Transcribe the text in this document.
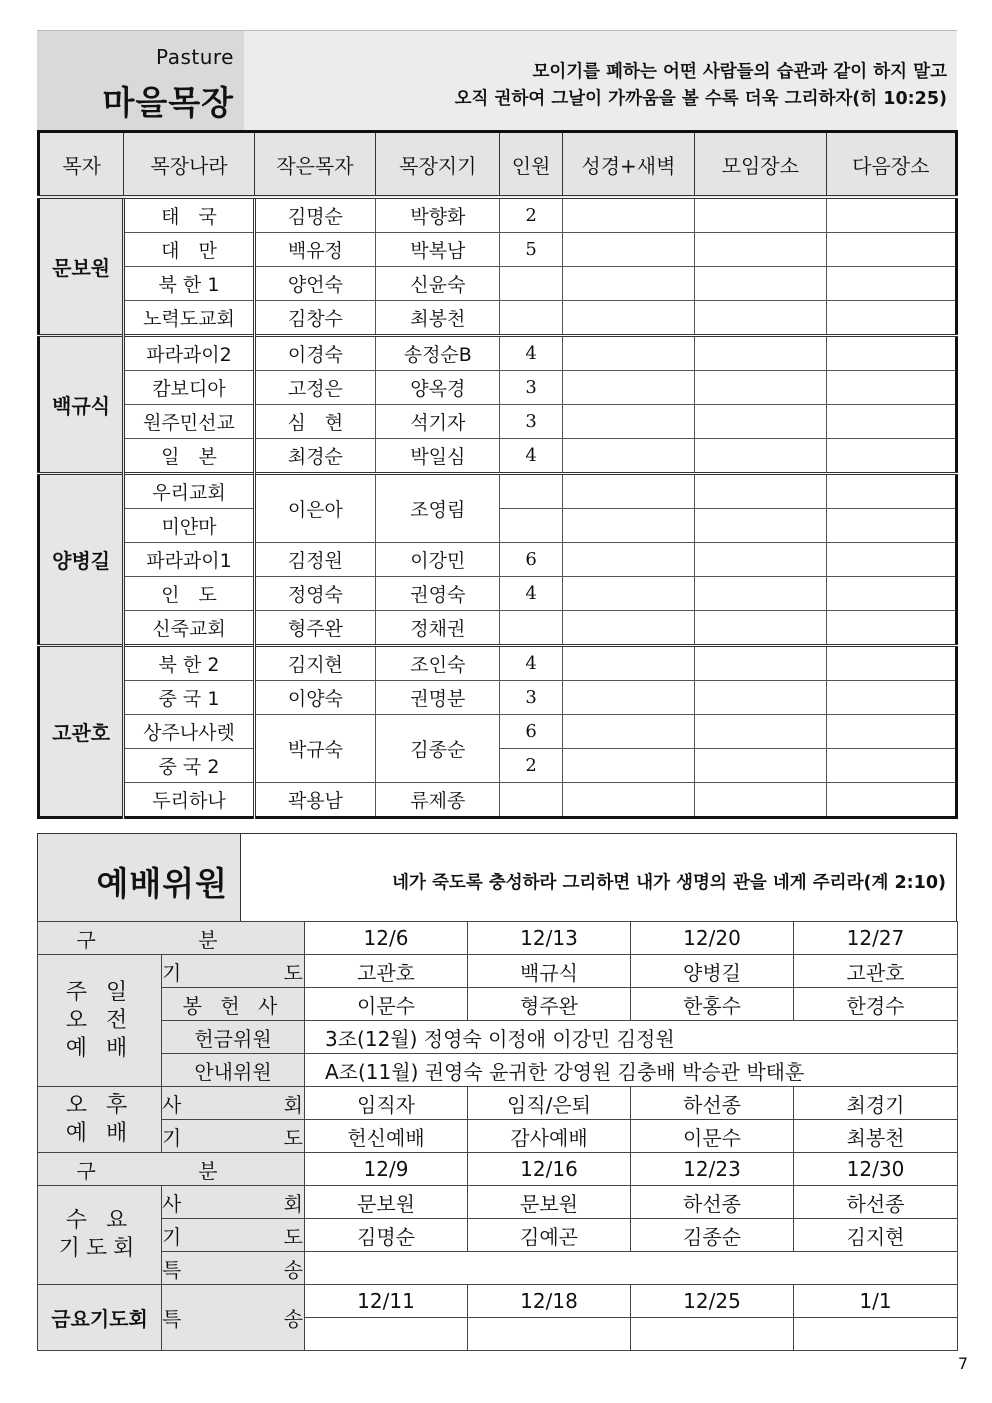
Pasture
마을목장
모이기를 폐하는 어떤 사람들의 습관과 같이 하지 말고
오직 권하여 그날이 가까움을 볼 수록 더욱 그리하자(히 10:25)
목자	목장나라	작은목자	목장지기	인원	성경+새벽	모임장소	다음장소
문보원	태　국	김명순	박향화	2			
	대　만	백유정	박복남	5			
	북 한 1	양언숙	신윤숙				
	노력도교회	김창수	최봉천				
백규식	파라과이2	이경숙	송정순B	4			
	캄보디아	고정은	양옥경	3			
	원주민선교	심　현	석기자	3			
	일　본	최경순	박일심	4			
양병길	우리교회	이은아	조영림				
	미얀마						
	파라과이1	김정원	이강민	6			
	인　도	정영숙	권영숙	4			
	신죽교회	형주완	정채권				
고관호	북 한 2	김지현	조인숙	4			
	중 국 1	이양숙	권명분	3			
	상주나사렛	박규숙	김종순	6			
	중 국 2			2			
	두리하나	곽용남	류제종				
예배위원	네가 죽도록 충성하라 그리하면 내가 생명의 관을 네게 주리라(계 2:10)
구 분		12/6	12/13	12/20	12/27
주 일
오 전
예 배	기 도	고관호	백규식	양병길	고관호
	봉 헌 사	이문수	형주완	한홍수	한경수
	헌금위원	3조(12월) 정영숙 이정애 이강민 김정원			
	안내위원	A조(11월) 권영숙 윤귀한 강영원 김충배 박승관 박태훈			
오 후
예 배	사 회	임직자	임직/은퇴	하선종	최경기
	기 도	헌신예배	감사예배	이문수	최봉천
구 분		12/9	12/16	12/23	12/30
수 요
기도회	사 회	문보원	문보원	하선종	하선종
	기 도	김명순	김예곤	김종순	김지현
	특 송				
금요기도회	특 송	12/11	12/18	12/25	1/1

7
